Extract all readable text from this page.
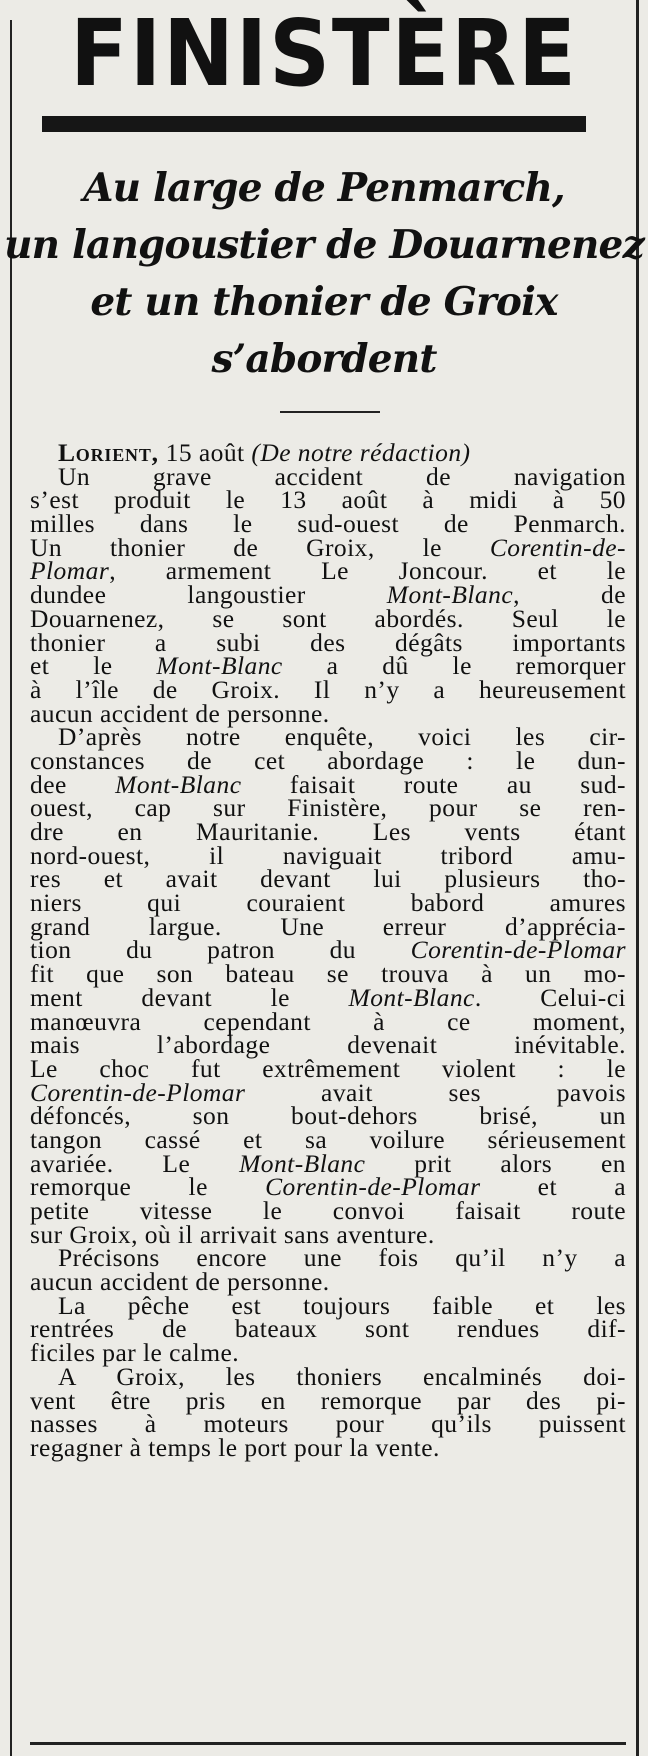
FINISTÈRE
Au large de Penmarch,
un langoustier de Douarnenez
et un thonier de Groix
s’abordent
Lorient, 15 août (De notre rédaction)
Un grave accident de navigation
s’est produit le 13 août à midi à 50
milles dans le sud-ouest de Penmarch.
Un thonier de Groix, le Corentin-de-
Plomar, armement Le Joncour. et le
dundee langoustier Mont-Blanc, de
Douarnenez, se sont abordés. Seul le
thonier a subi des dégâts importants
et le Mont-Blanc a dû le remorquer
à l’île de Groix. Il n’y a heureusement
aucun accident de personne.
D’après notre enquête, voici les cir-
constances de cet abordage : le dun-
dee Mont-Blanc faisait route au sud-
ouest, cap sur Finistère, pour se ren-
dre en Mauritanie. Les vents étant
nord-ouest, il naviguait tribord amu-
res et avait devant lui plusieurs tho-
niers qui couraient babord amures
grand largue. Une erreur d’apprécia-
tion du patron du Corentin-de-Plomar
fit que son bateau se trouva à un mo-
ment devant le Mont-Blanc. Celui-ci
manœuvra cependant à ce moment,
mais l’abordage devenait inévitable.
Le choc fut extrêmement violent : le
Corentin-de-Plomar avait ses pavois
défoncés, son bout-dehors brisé, un
tangon cassé et sa voilure sérieusement
avariée. Le Mont-Blanc prit alors en
remorque le Corentin-de-Plomar et a
petite vitesse le convoi faisait route
sur Groix, où il arrivait sans aventure.
Précisons encore une fois qu’il n’y a
aucun accident de personne.
La pêche est toujours faible et les
rentrées de bateaux sont rendues dif-
ficiles par le calme.
A Groix, les thoniers encalminés doi-
vent être pris en remorque par des pi-
nasses à moteurs pour qu’ils puissent
regagner à temps le port pour la vente.
